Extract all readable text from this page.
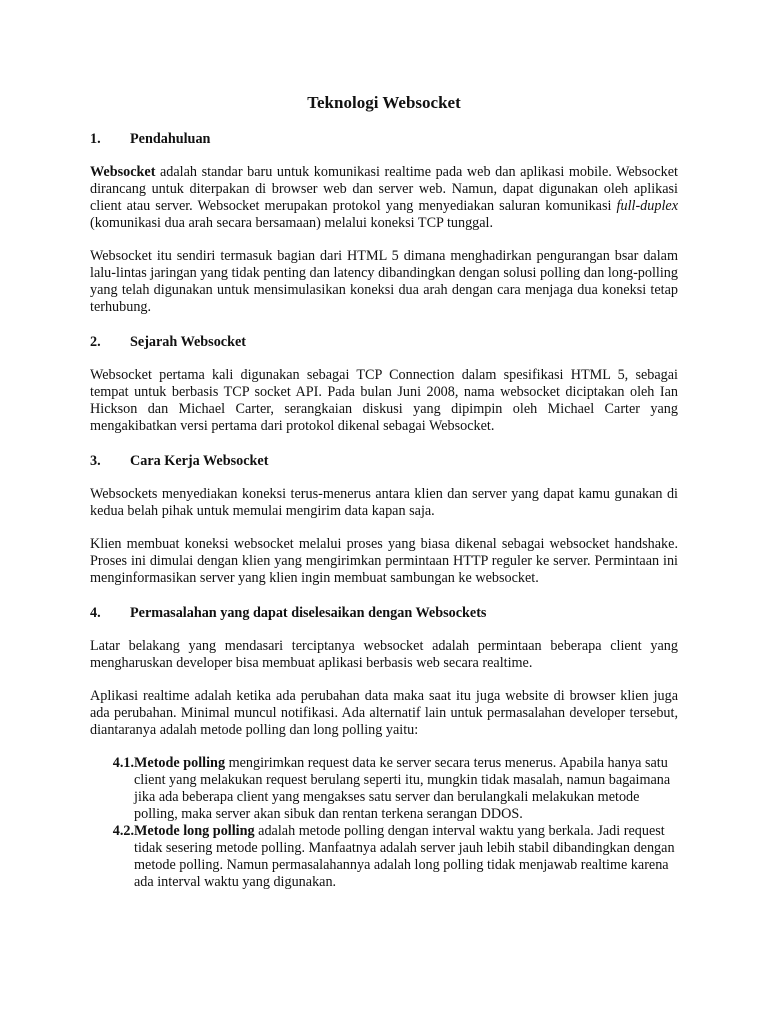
Teknologi Websocket
1.	Pendahuluan

Websocket adalah standar baru untuk komunikasi realtime pada web dan aplikasi mobile. Websocket dirancang untuk diterpakan di browser web dan server web. Namun, dapat digunakan oleh aplikasi client atau server. Websocket merupakan protokol yang menyediakan saluran komunikasi full-duplex (komunikasi dua arah secara bersamaan) melalui koneksi TCP tunggal.

Websocket itu sendiri termasuk bagian dari HTML 5 dimana menghadirkan pengurangan bsar dalam lalu-lintas jaringan yang tidak penting dan latency dibandingkan dengan solusi polling dan long-polling yang telah digunakan untuk mensimulasikan koneksi dua arah dengan cara menjaga dua koneksi tetap terhubung.

2.	Sejarah Websocket

Websocket pertama kali digunakan sebagai TCP Connection dalam spesifikasi HTML 5, sebagai tempat untuk berbasis TCP socket API. Pada bulan Juni 2008, nama websocket diciptakan oleh Ian Hickson dan Michael Carter, serangkaian diskusi yang dipimpin oleh Michael Carter yang mengakibatkan versi pertama dari protokol dikenal sebagai Websocket.

3.	Cara Kerja Websocket

Websockets menyediakan koneksi terus-menerus antara klien dan server yang dapat kamu gunakan di kedua belah pihak untuk memulai mengirim data kapan saja.

Klien membuat koneksi websocket melalui proses yang biasa dikenal sebagai websocket handshake. Proses ini dimulai dengan klien yang mengirimkan permintaan HTTP reguler ke server. Permintaan ini menginformasikan server yang klien ingin membuat sambungan ke websocket.

4.	Permasalahan yang dapat diselesaikan dengan Websockets

Latar belakang yang mendasari terciptanya websocket adalah permintaan beberapa client yang mengharuskan developer bisa membuat aplikasi berbasis web secara realtime.

Aplikasi realtime adalah ketika ada perubahan data maka saat itu juga website di browser klien juga ada perubahan. Minimal muncul notifikasi. Ada alternatif lain untuk permasalahan developer tersebut, diantaranya adalah metode polling dan long polling yaitu:

4.1. Metode polling mengirimkan request data ke server secara terus menerus. Apabila hanya satu client yang melakukan request berulang seperti itu, mungkin tidak masalah, namun bagaimana jika ada beberapa client yang mengakses satu server dan berulangkali melakukan metode polling, maka server akan sibuk dan rentan terkena serangan DDOS.
4.2. Metode long polling adalah metode polling dengan interval waktu yang berkala. Jadi request tidak sesering metode polling. Manfaatnya adalah server jauh lebih stabil dibandingkan dengan metode polling. Namun permasalahannya adalah long polling tidak menjawab realtime karena ada interval waktu yang digunakan.
